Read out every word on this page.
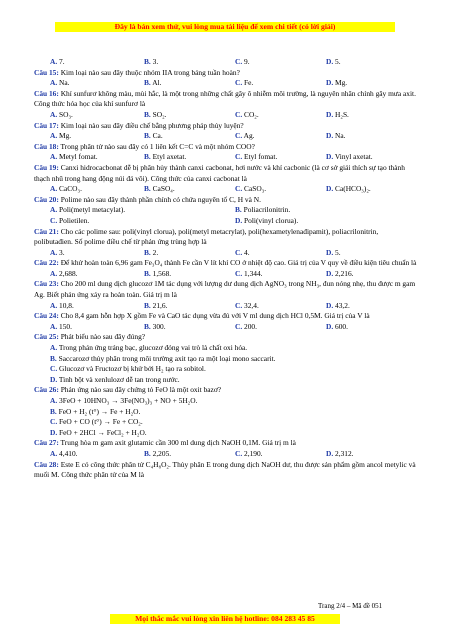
Đây là bản xem thử, vui lòng mua tài liệu để xem chi tiết (có lời giải)
A. 7.	B. 3.	C. 9.	D. 5.
Câu 15: Kim loại nào sau đây thuộc nhóm IIA trong bảng tuần hoàn?
A. Na.	B. Al.	C. Fe.	D. Mg.
Câu 16: Khí sunfurơ không màu, mùi hắc, là một trong những chất gây ô nhiễm môi trường, là nguyên nhân chính gây mưa axit. Công thức hóa học của khí sunfurơ là
A. SO₃.	B. SO₂.	C. CO₂.	D. H₂S.
Câu 17: Kim loại nào sau đây điều chế bằng phương pháp thủy luyện?
A. Mg.	B. Ca.	C. Ag.	D. Na.
Câu 18: Trong phân tử nào sau đây có 1 liên kết C=C và một nhóm COO?
A. Metyl fomat.	B. Etyl axetat.	C. Etyl fomat.	D. Vinyl axetat.
Câu 19: Canxi hidrocacbonat dễ bị phân hủy thành canxi cacbonat, hơi nước và khí cacbonic (là cơ sở giải thích sự tạo thành thạch nhũ trong hang động núi đá vôi). Công thức của canxi cacbonat là
A. CaCO₃.	B. CaSO₄.	C. CaSO₃.	D. Ca(HCO₃)₂.
Câu 20: Polime nào sau đây thành phần chính có chứa nguyên tố C, H và N.
A. Poli(metyl metacylat).	B. Poliacrilonitrin.
C. Polietilen.	D. Poli(vinyl clorua).
Câu 21: Cho các polime sau: poli(vinyl clorua), poli(metyl metacrylat), poli(hexametylenađipamit), poliacrilonitrin, polibutađien. Số polime điều chế từ phản ứng trùng hợp là
A. 3.	B. 2.	C. 4.	D. 5.
Câu 22: Để khử hoàn toàn 6,96 gam Fe₃O₄ thành Fe cần V lít khí CO ở nhiệt độ cao. Giá trị của V quy về điều kiện tiêu chuẩn là
A. 2,688.	B. 1,568.	C. 1,344.	D. 2,216.
Câu 23: Cho 200 ml dung dịch glucozơ 1M tác dụng với lượng dư dung dịch AgNO₃ trong NH₃, đun nóng nhẹ, thu được m gam Ag. Biết phản ứng xảy ra hoàn toàn. Giá trị m là
A. 10,8.	B. 21,6.	C. 32,4.	D. 43,2.
Câu 24: Cho 8,4 gam hỗn hợp X gồm Fe và CaO tác dụng vừa đủ với V ml dung dịch HCl 0,5M. Giá trị của V là
A. 150.	B. 300.	C. 200.	D. 600.
Câu 25: Phát biểu nào sau đây đúng?
A. Trong phản ứng tráng bạc, glucozơ đóng vai trò là chất oxi hóa.
B. Saccarozơ thủy phân trong môi trường axit tạo ra một loại mono saccarit.
C. Glucozơ và Fructozơ bị khử bởi H₂ tạo ra sobitol.
D. Tinh bột và xenlulozơ dễ tan trong nước.
Câu 26: Phản ứng nào sau đây chứng tỏ FeO là một oxit bazơ?
A. 3FeO + 10HNO₃ → 3Fe(NO₃)₃ + NO + 5H₂O.
B. FeO + H₂ (t°) → Fe + H₂O.
C. FeO + CO (t°) → Fe + CO₂.
D. FeO + 2HCl → FeCl₂ + H₂O.
Câu 27: Trung hòa m gam axit glutamic cần 300 ml dung dịch NaOH 0,1M. Giá trị m là
A. 4,410.	B. 2,205.	C. 2,190.	D. 2,312.
Câu 28: Este E có công thức phân tử C₄H₈O₂. Thủy phân E trong dung dịch NaOH dư, thu được sản phẩm gồm ancol metylic và muối M. Công thức phân tử của M là
Trang 2/4 – Mã đề 051
Mọi thắc mắc vui lòng xin liên hệ hotline: 084 283 45 85
